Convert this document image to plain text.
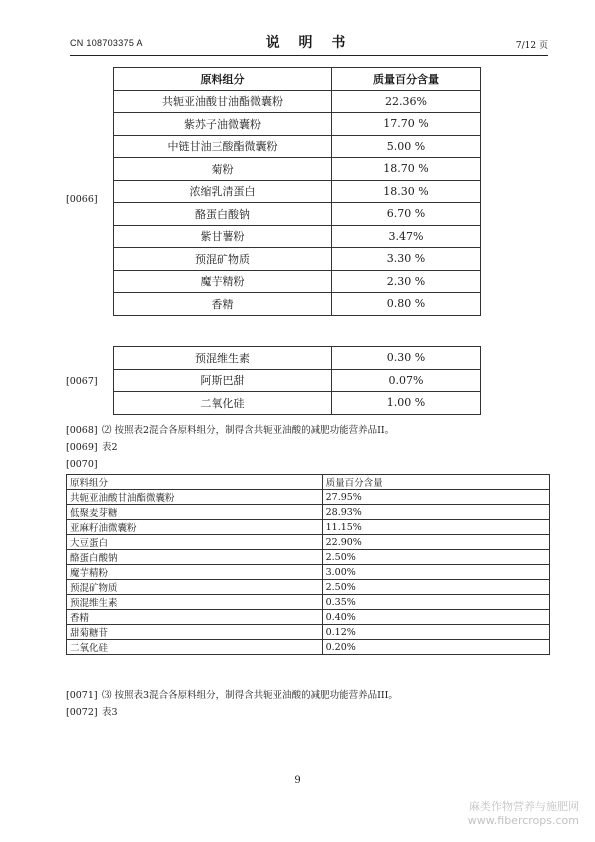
CN 108703375 A	说 明 书	7/12 页
原料组分	质量百分含量
共轭亚油酸甘油酯微囊粉	22.36%
紫苏子油微囊粉	17.70 %
中链甘油三酸酯微囊粉	5.00 %
菊粉	18.70 %
浓缩乳清蛋白	18.30 %
酪蛋白酸钠	6.70 %
紫甘薯粉	3.47%
预混矿物质	3.30 %
魔芋精粉	2.30 %
香精	0.80 %
[0066]
预混维生素	0.30 %
阿斯巴甜	0.07%
二氧化硅	1.00 %
[0067]
[0068] ⑵ 按照表2混合各原料组分，制得含共轭亚油酸的减肥功能营养品II。
[0069] 表2
[0070]
原料组分	质量百分含量
共轭亚油酸甘油酯微囊粉	27.95%
低聚麦芽糖	28.93%
亚麻籽油微囊粉	11.15%
大豆蛋白	22.90%
酪蛋白酸钠	2.50%
魔芋精粉	3.00%
预混矿物质	2.50%
预混维生素	0.35%
香精	0.40%
甜菊糖苷	0.12%
二氧化硅	0.20%
[0071] ⑶ 按照表3混合各原料组分，制得含共轭亚油酸的减肥功能营养品III。
[0072] 表3
9
麻类作物营养与施肥网
www.fibercrops.com
